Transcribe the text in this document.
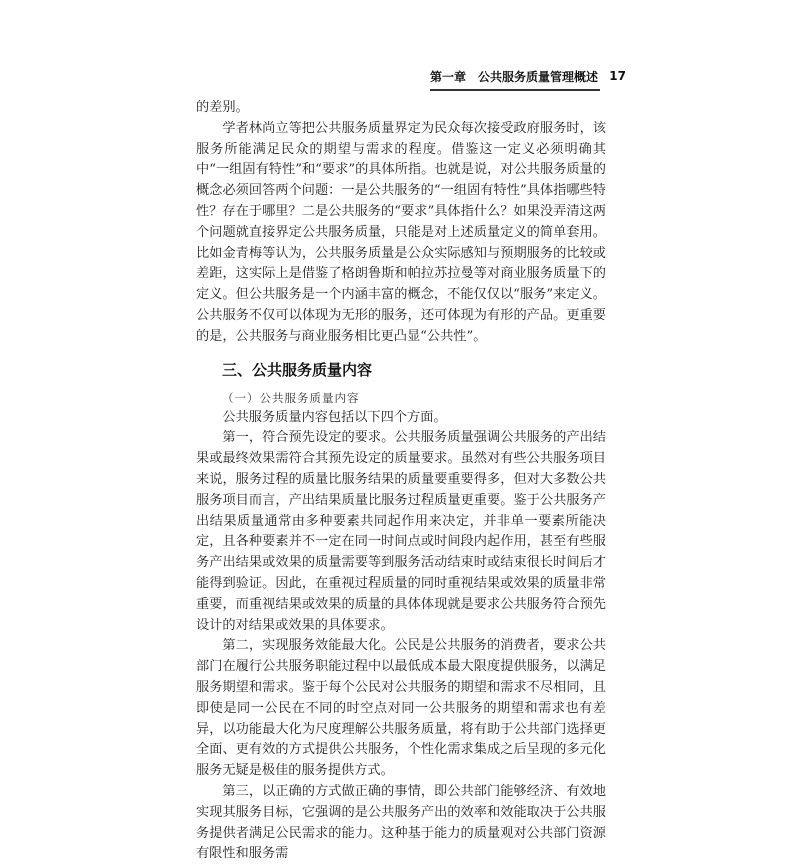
第一章　公共服务质量管理概述 17

的差别。

学者林尚立等把公共服务质量界定为民众每次接受政府服务时，该服务所能满足民众的期望与需求的程度。借鉴这一定义必须明确其中“一组固有特性”和“要求”的具体所指。也就是说，对公共服务质量的概念必须回答两个问题：一是公共服务的“一组固有特性”具体指哪些特性？存在于哪里？二是公共服务的“要求”具体指什么？如果没弄清这两个问题就直接界定公共服务质量，只能是对上述质量定义的简单套用。比如金青梅等认为，公共服务质量是公众实际感知与预期服务的比较或差距，这实际上是借鉴了格朗鲁斯和帕拉苏拉曼等对商业服务质量下的定义。但公共服务是一个内涵丰富的概念，不能仅仅以“服务”来定义。公共服务不仅可以体现为无形的服务，还可体现为有形的产品。更重要的是，公共服务与商业服务相比更凸显“公共性”。

三、公共服务质量内容
（一）公共服务质量内容

公共服务质量内容包括以下四个方面。

第一，符合预先设定的要求。公共服务质量强调公共服务的产出结果或最终效果需符合其预先设定的质量要求。虽然对有些公共服务项目来说，服务过程的质量比服务结果的质量要重要得多，但对大多数公共服务项目而言，产出结果质量比服务过程质量更重要。鉴于公共服务产出结果质量通常由多种要素共同起作用来决定，并非单一要素所能决定，且各种要素并不一定在同一时间点或时间段内起作用，甚至有些服务产出结果或效果的质量需要等到服务活动结束时或结束很长时间后才能得到验证。因此，在重视过程质量的同时重视结果或效果的质量非常重要，而重视结果或效果的质量的具体体现就是要求公共服务符合预先设计的对结果或效果的具体要求。

第二，实现服务效能最大化。公民是公共服务的消费者，要求公共部门在履行公共服务职能过程中以最低成本最大限度提供服务，以满足服务期望和需求。鉴于每个公民对公共服务的期望和需求不尽相同，且即使是同一公民在不同的时空点对同一公共服务的期望和需求也有差异，以功能最大化为尺度理解公共服务质量，将有助于公共部门选择更全面、更有效的方式提供公共服务，个性化需求集成之后呈现的多元化服务无疑是极佳的服务提供方式。

第三，以正确的方式做正确的事情，即公共部门能够经济、有效地实现其服务目标，它强调的是公共服务产出的效率和效能取决于公共服务提供者满足公民需求的能力。这种基于能力的质量观对公共部门资源有限性和服务需
